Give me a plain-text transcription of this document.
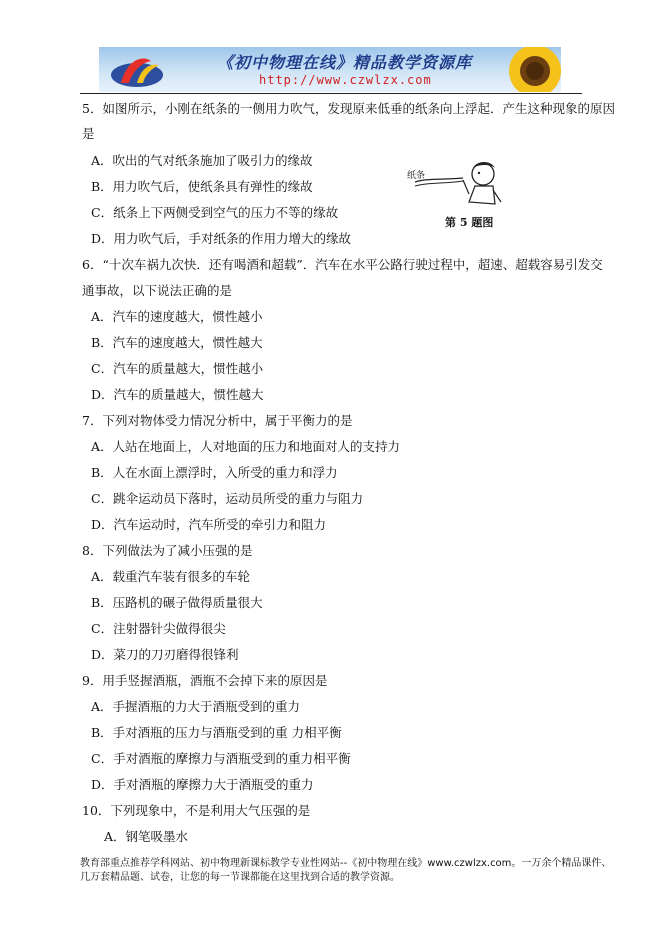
《初中物理在线》精品教学资源库
http://www.czwlzx.com
5．如图所示，小刚在纸条的一侧用力吹气，发现原来低垂的纸条向上浮起．产生这种现象的原因
是
A．吹出的气对纸条施加了吸引力的缘故
B．用力吹气后，使纸条具有弹性的缘故
C．纸条上下两侧受到空气的压力不等的缘故
D．用力吹气后，手对纸条的作用力增大的缘故
纸条
第 5 题图
6．“十次车祸九次快．还有喝酒和超载”．汽车在水平公路行驶过程中，超速、超载容易引发交
通事故，以下说法正确的是
A．汽车的速度越大，惯性越小
B．汽车的速度越大，惯性越大
C．汽车的质量越大，惯性越小
D．汽车的质量越大，惯性越大
7．下列对物体受力情况分析中，属于平衡力的是
A．人站在地面上，人对地面的压力和地面对人的支持力
B．人在水面上漂浮时，入所受的重力和浮力
C．跳伞运动员下落时，运动员所受的重力与阻力
D．汽车运动时，汽车所受的牵引力和阻力
8．下列做法为了减小压强的是
A．载重汽车装有很多的车轮
B．压路机的碾子做得质量很大
C．注射器针尖做得很尖
D．菜刀的刀刃磨得很锋利
9．用手竖握酒瓶，酒瓶不会掉下来的原因是
A．手握酒瓶的力大于酒瓶受到的重力
B．手对酒瓶的压力与酒瓶受到的重 力相平衡
C．手对酒瓶的摩擦力与酒瓶受到的重力相平衡
D．手对酒瓶的摩擦力大于酒瓶受的重力
10．下列现象中，不是利用大气压强的是
A．钢笔吸墨水
教育部重点推荐学科网站、初中物理新课标教学专业性网站--《初中物理在线》www.czwlzx.com。一万余个精品课件、
几万套精品题、试卷，让您的每一节课都能在这里找到合适的教学资源。
